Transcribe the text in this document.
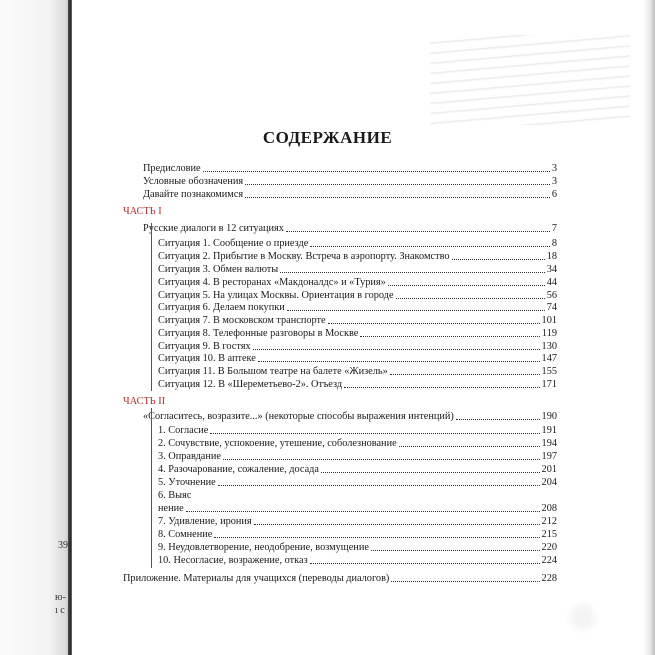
39
ю-
ı с
СОДЕРЖАНИЕ
Предисловие	3
Условные обозначения	3
Давайте познакомимся	6
ЧАСТЬ I
Русские диалоги в 12 ситуациях	7
Ситуация 1. Сообщение о приезде	8
Ситуация 2. Прибытие в Москву. Встреча в аэропорту. Знакомство	18
Ситуация 3. Обмен валюты	34
Ситуация 4. В ресторанах «Макдоналдс» и «Турия»	44
Ситуация 5. На улицах Москвы. Ориентация в городе	56
Ситуация 6. Делаем покупки	74
Ситуация 7. В московском транспорте	101
Ситуация 8. Телефонные разговоры в Москве	119
Ситуация 9. В гостях	130
Ситуация 10. В аптеке	147
Ситуация 11. В Большом театре на балете «Жизель»	155
Ситуация 12. В «Шереметьево-2». Отъезд	171
ЧАСТЬ II
«Согласитесь, возразите...» (некоторые способы выражения интенций)	190
1. Согласие	191
2. Сочувствие, успокоение, утешение, соболезнование	194
3. Оправдание	197
4. Разочарование, сожаление, досада	201
5. Уточнение	204
6. Выяс
нение	208
7. Удивление, ирония	212
8. Сомнение	215
9. Неудовлетворение, неодобрение, возмущение	220
10. Несогласие, возражение, отказ	224
Приложение. Материалы для учащихся (переводы диалогов)	228
